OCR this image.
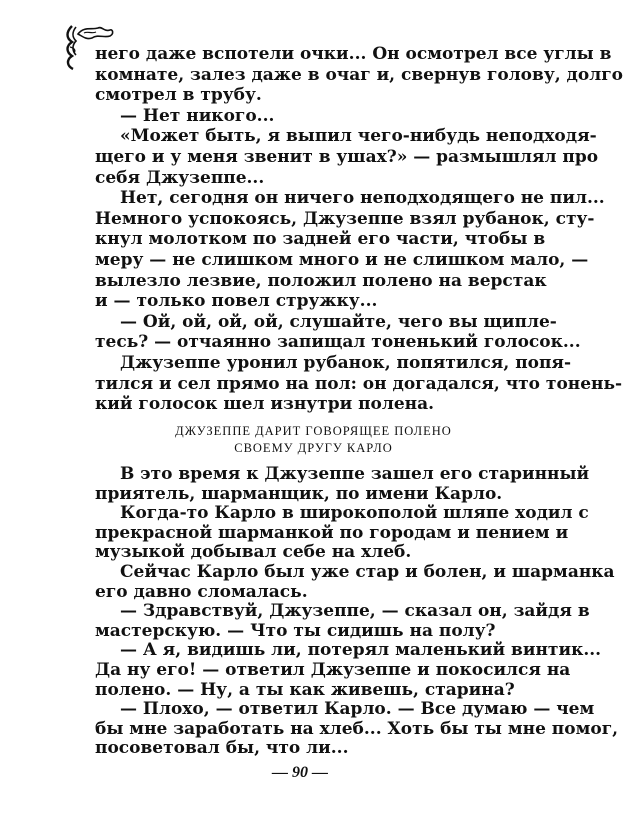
него даже вспотели очки... Он осмотрел все углы в
комнате, залез даже в очаг и, свернув голову, долго
смотрел в трубу.
— Нет никого...
«Может быть, я выпил чего-нибудь неподходя-
щего и у меня звенит в ушах?» — размышлял про
себя Джузеппе...
Нет, сегодня он ничего неподходящего не пил...
Немного успокоясь, Джузеппе взял рубанок, сту-
кнул молотком по задней его части, чтобы в
меру — не слишком много и не слишком мало, —
вылезло лезвие, положил полено на верстак
и — только повел стружку...
— Ой, ой, ой, ой, слушайте, чего вы щипле-
тесь? — отчаянно запищал тоненький голосок...
Джузеппе уронил рубанок, попятился, попя-
тился и сел прямо на пол: он догадался, что тонень-
кий голосок шел изнутри полена.
ДЖУЗЕППЕ ДАРИТ ГОВОРЯЩЕЕ ПОЛЕНО
СВОЕМУ ДРУГУ КАРЛО
В это время к Джузеппе зашел его старинный
приятель, шарманщик, по имени Карло.
Когда-то Карло в широкополой шляпе ходил с
прекрасной шарманкой по городам и пением и
музыкой добывал себе на хлеб.
Сейчас Карло был уже стар и болен, и шарманка
его давно сломалась.
— Здравствуй, Джузеппе, — сказал он, зайдя в
мастерскую. — Что ты сидишь на полу?
— А я, видишь ли, потерял маленький винтик...
Да ну его! — ответил Джузеппе и покосился на
полено. — Ну, а ты как живешь, старина?
— Плохо, — ответил Карло. — Все думаю — чем
бы мне заработать на хлеб... Хоть бы ты мне помог,
посоветовал бы, что ли...
— 90 —
